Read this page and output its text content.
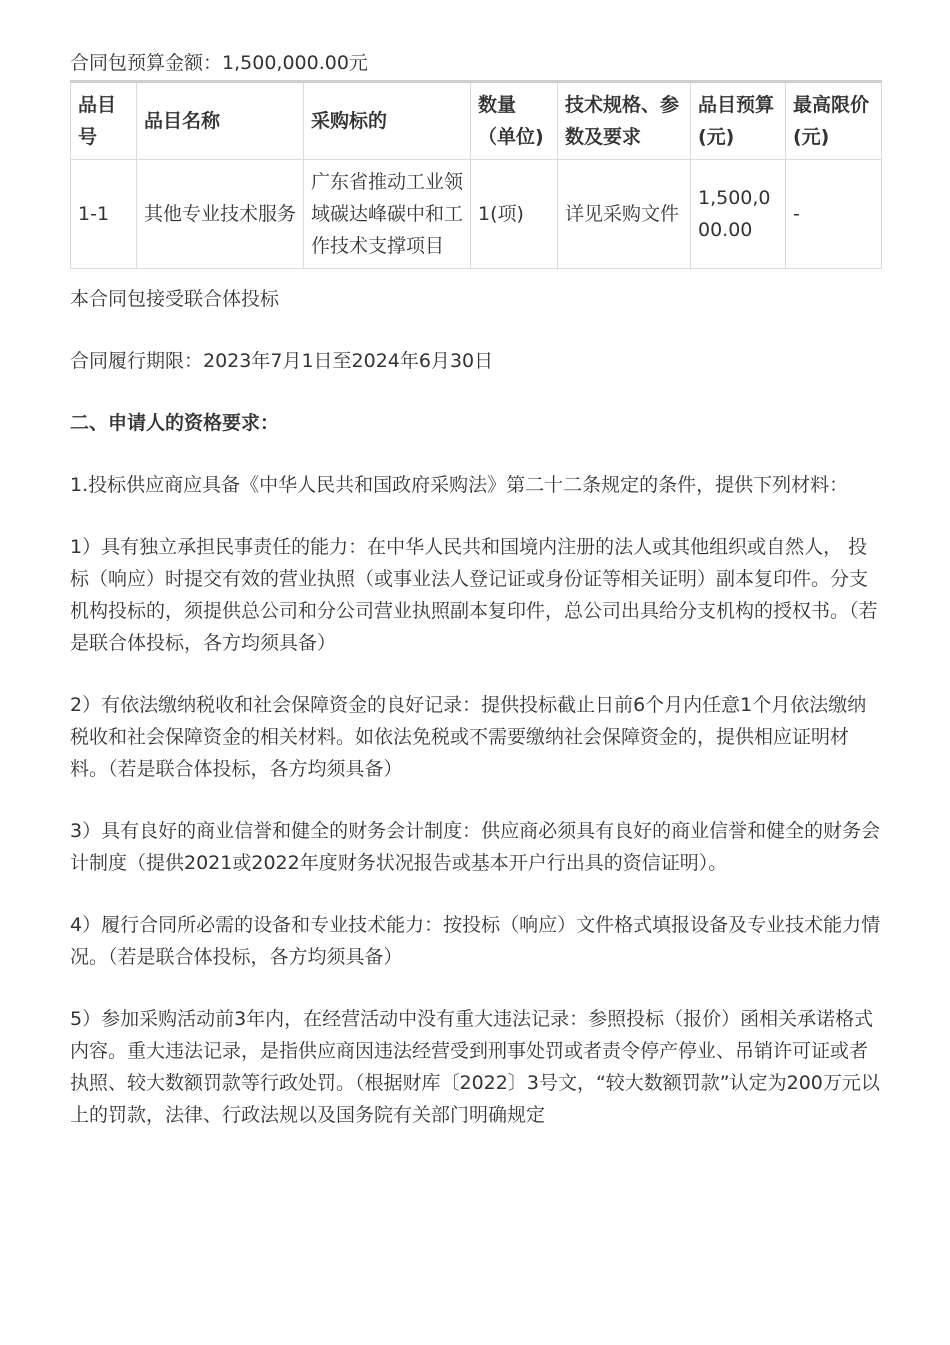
合同包预算金额：1,500,000.00元

品目号	品目名称	采购标的	数量（单位)	技术规格、参数及要求	品目预算(元)	最高限价(元)
1-1	其他专业技术服务	广东省推动工业领域碳达峰碳中和工作技术支撑项目	1(项)	详见采购文件	1,500,000.00	-

本合同包接受联合体投标

合同履行期限：2023年7月1日至2024年6月30日

二、申请人的资格要求：

1.投标供应商应具备《中华人民共和国政府采购法》第二十二条规定的条件，提供下列材料：

1）具有独立承担民事责任的能力：在中华人民共和国境内注册的法人或其他组织或自然人， 投标（响应）时提交有效的营业执照（或事业法人登记证或身份证等相关证明）副本复印件。分支机构投标的，须提供总公司和分公司营业执照副本复印件，总公司出具给分支机构的授权书。（若是联合体投标，各方均须具备）

2）有依法缴纳税收和社会保障资金的良好记录：提供投标截止日前6个月内任意1个月依法缴纳税收和社会保障资金的相关材料。如依法免税或不需要缴纳社会保障资金的，提供相应证明材料。（若是联合体投标，各方均须具备）

3）具有良好的商业信誉和健全的财务会计制度：供应商必须具有良好的商业信誉和健全的财务会计制度（提供2021或2022年度财务状况报告或基本开户行出具的资信证明）。

4）履行合同所必需的设备和专业技术能力：按投标（响应）文件格式填报设备及专业技术能力情况。（若是联合体投标，各方均须具备）

5）参加采购活动前3年内，在经营活动中没有重大违法记录：参照投标（报价）函相关承诺格式内容。重大违法记录，是指供应商因违法经营受到刑事处罚或者责令停产停业、吊销许可证或者执照、较大数额罚款等行政处罚。（根据财库〔2022〕3号文，“较大数额罚款”认定为200万元以上的罚款，法律、行政法规以及国务院有关部门明确规定
